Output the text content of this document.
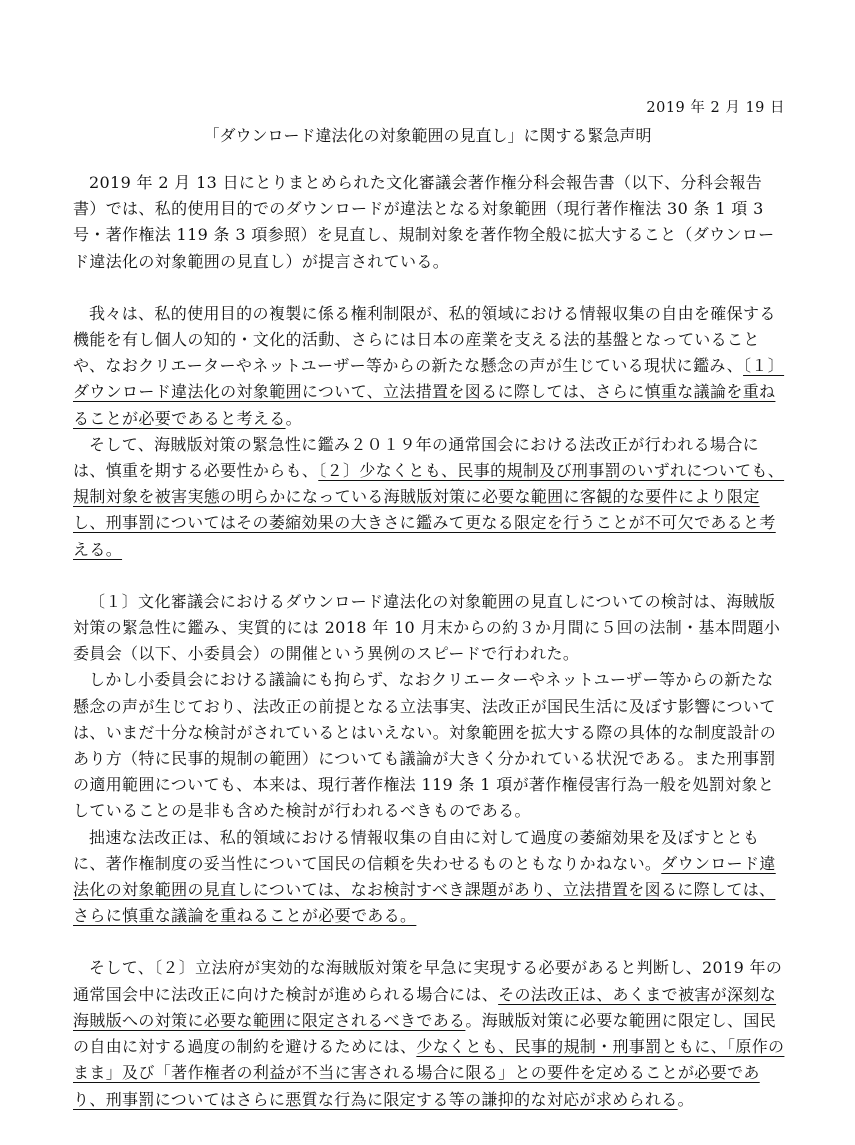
2019 年 2 月 19 日
「ダウンロード違法化の対象範囲の見直し」に関する緊急声明

2019 年 2 月 13 日にとりまとめられた文化審議会著作権分科会報告書（以下、分科会報告書）では、私的使用目的でのダウンロードが違法となる対象範囲（現行著作権法 30 条 1 項 3 号・著作権法 119 条 3 項参照）を見直し、規制対象を著作物全般に拡大すること（ダウンロード違法化の対象範囲の見直し）が提言されている。

我々は、私的使用目的の複製に係る権利制限が、私的領域における情報収集の自由を確保する機能を有し個人の知的・文化的活動、さらには日本の産業を支える法的基盤となっていることや、なおクリエーターやネットユーザー等からの新たな懸念の声が生じている現状に鑑み、〔１〕ダウンロード違法化の対象範囲について、立法措置を図るに際しては、さらに慎重な議論を重ねることが必要であると考える。

そして、海賊版対策の緊急性に鑑み２０１９年の通常国会における法改正が行われる場合には、慎重を期する必要性からも、〔２〕少なくとも、民事的規制及び刑事罰のいずれについても、規制対象を被害実態の明らかになっている海賊版対策に必要な範囲に客観的な要件により限定し、刑事罰についてはその萎縮効果の大きさに鑑みて更なる限定を行うことが不可欠であると考える。

〔１〕文化審議会におけるダウンロード違法化の対象範囲の見直しについての検討は、海賊版対策の緊急性に鑑み、実質的には 2018 年 10 月末からの約３か月間に５回の法制・基本問題小委員会（以下、小委員会）の開催という異例のスピードで行われた。

しかし小委員会における議論にも拘らず、なおクリエーターやネットユーザー等からの新たな懸念の声が生じており、法改正の前提となる立法事実、法改正が国民生活に及ぼす影響については、いまだ十分な検討がされているとはいえない。対象範囲を拡大する際の具体的な制度設計のあり方（特に民事的規制の範囲）についても議論が大きく分かれている状況である。また刑事罰の適用範囲についても、本来は、現行著作権法 119 条 1 項が著作権侵害行為一般を処罰対象としていることの是非も含めた検討が行われるべきものである。

拙速な法改正は、私的領域における情報収集の自由に対して過度の萎縮効果を及ぼすとともに、著作権制度の妥当性について国民の信頼を失わせるものともなりかねない。ダウンロード違法化の対象範囲の見直しについては、なお検討すべき課題があり、立法措置を図るに際しては、さらに慎重な議論を重ねることが必要である。

そして、〔２〕立法府が実効的な海賊版対策を早急に実現する必要があると判断し、2019 年の通常国会中に法改正に向けた検討が進められる場合には、その法改正は、あくまで被害が深刻な海賊版への対策に必要な範囲に限定されるべきである。海賊版対策に必要な範囲に限定し、国民の自由に対する過度の制約を避けるためには、少なくとも、民事的規制・刑事罰ともに、「原作のまま」及び「著作権者の利益が不当に害される場合に限る」との要件を定めることが必要であり、刑事罰についてはさらに悪質な行為に限定する等の謙抑的な対応が求められる。
